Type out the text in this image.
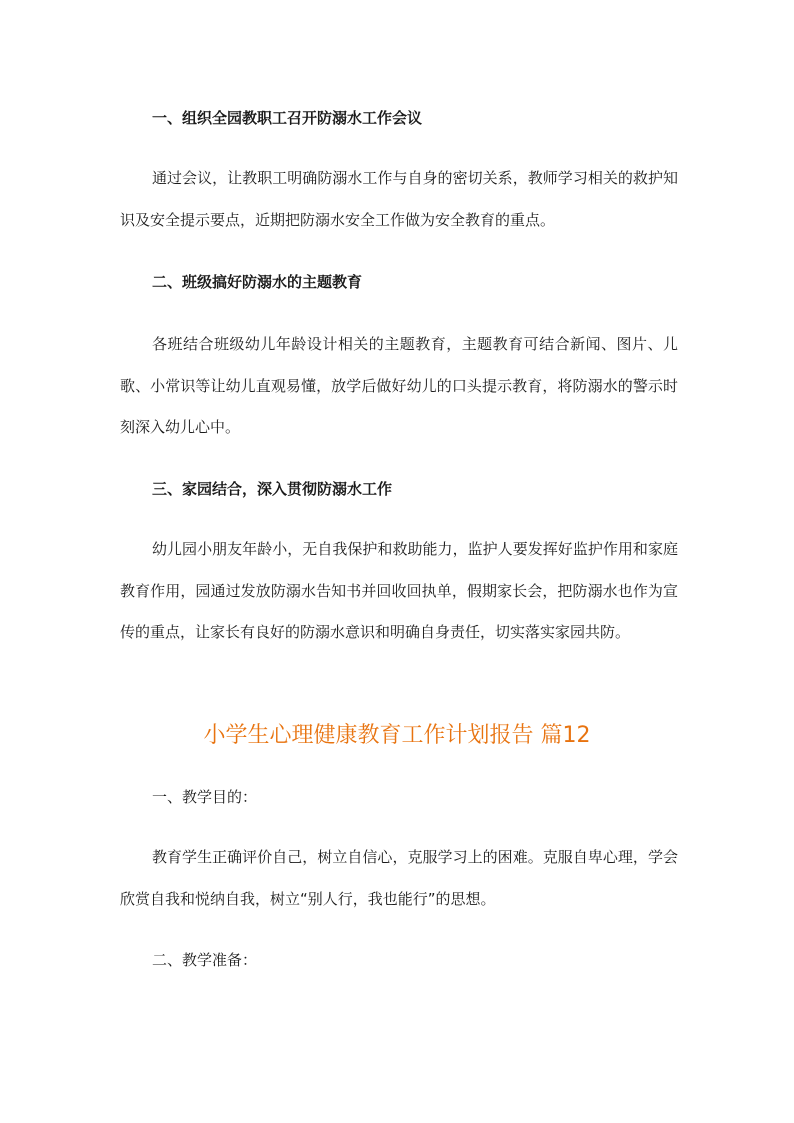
一、组织全园教职工召开防溺水工作会议
通过会议，让教职工明确防溺水工作与自身的密切关系，教师学习相关的救护知识及安全提示要点，近期把防溺水安全工作做为安全教育的重点。
二、班级搞好防溺水的主题教育
各班结合班级幼儿年龄设计相关的主题教育，主题教育可结合新闻、图片、儿歌、小常识等让幼儿直观易懂，放学后做好幼儿的口头提示教育，将防溺水的警示时刻深入幼儿心中。
三、家园结合，深入贯彻防溺水工作
幼儿园小朋友年龄小，无自我保护和救助能力，监护人要发挥好监护作用和家庭教育作用，园通过发放防溺水告知书并回收回执单，假期家长会，把防溺水也作为宣传的重点，让家长有良好的防溺水意识和明确自身责任，切实落实家园共防。
小学生心理健康教育工作计划报告 篇12
一、教学目的：
教育学生正确评价自己，树立自信心，克服学习上的困难。克服自卑心理，学会欣赏自我和悦纳自我，树立“别人行，我也能行”的思想。
二、教学准备：
